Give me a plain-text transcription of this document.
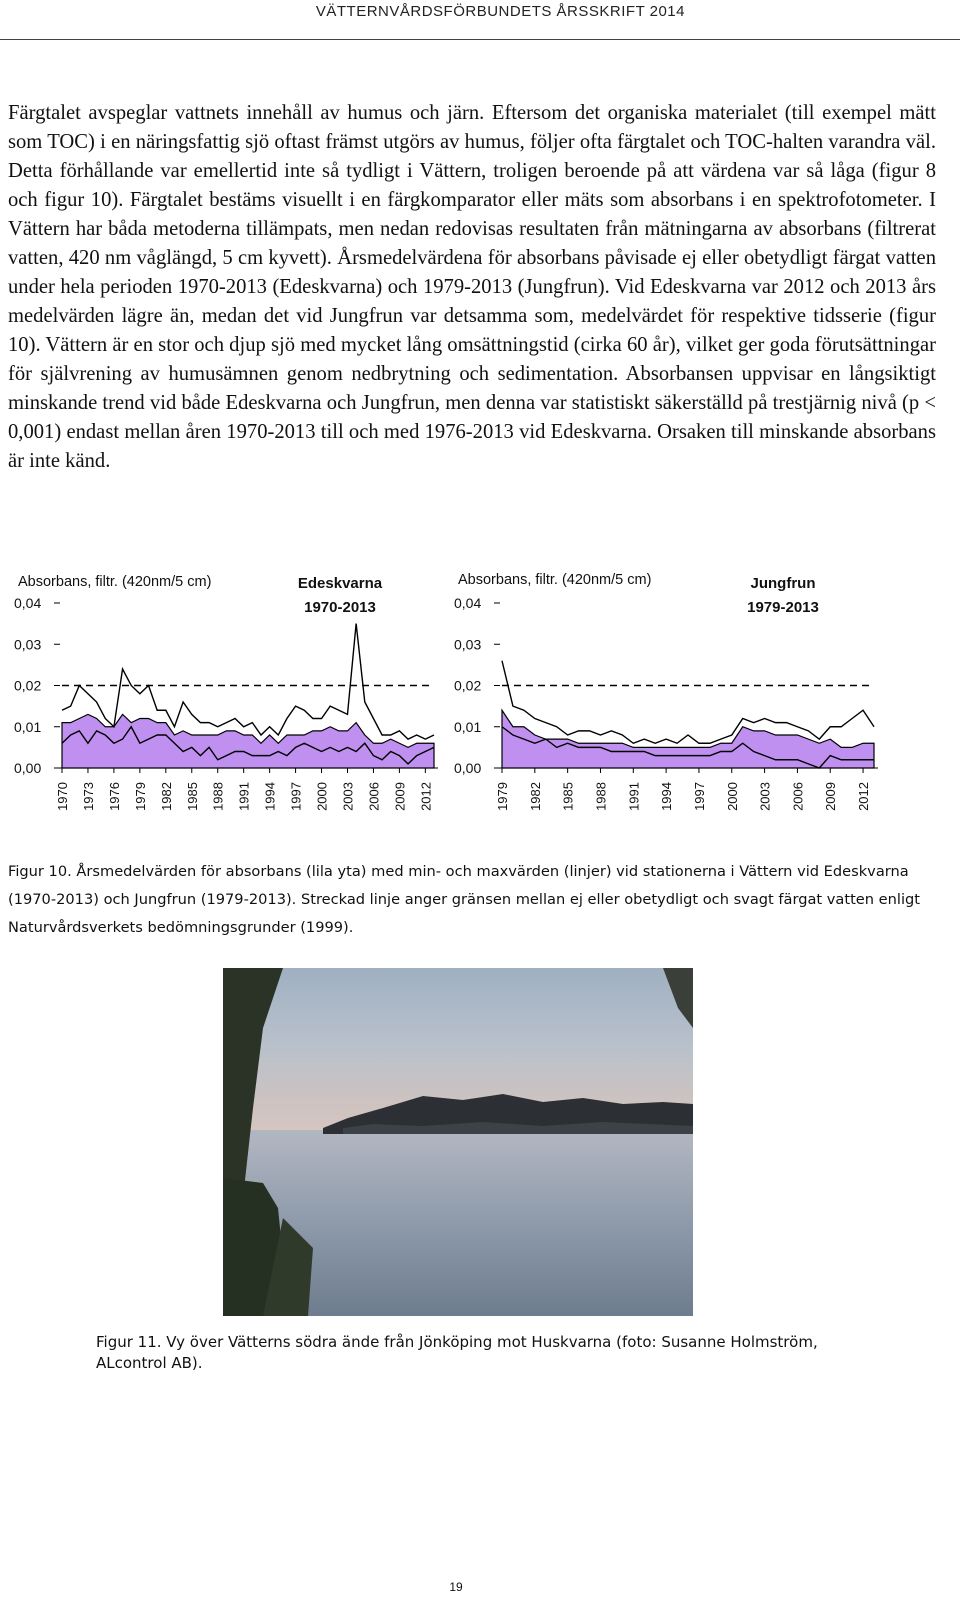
VÄTTERNVÅRDSFÖRBUNDETS ÅRSSKRIFT 2014

Färgtalet avspeglar vattnets innehåll av humus och järn. Eftersom det organiska materialet (till exempel mätt som TOC) i en näringsfattig sjö oftast främst utgörs av humus, följer ofta färgtalet och TOC-halten varandra väl. Detta förhållande var emellertid inte så tydligt i Vättern, troligen beroende på att värdena var så låga (figur 8 och figur 10). Färgtalet bestäms visuellt i en färgkomparator eller mäts som absorbans i en spektrofotometer. I Vättern har båda metoderna tillämpats, men nedan redovisas resultaten från mätningarna av absorbans (filtrerat vatten, 420 nm våglängd, 5 cm kyvett). Årsmedelvärdena för absorbans påvisade ej eller obetydligt färgat vatten under hela perioden 1970-2013 (Edeskvarna) och 1979-2013 (Jungfrun). Vid Edeskvarna var 2012 och 2013 års medelvärden lägre än, medan det vid Jungfrun var detsamma som, medelvärdet för respektive tidsserie (figur 10). Vättern är en stor och djup sjö med mycket lång omsättningstid (cirka 60 år), vilket ger goda förutsättningar för självrening av humusämnen genom nedbrytning och sedimentation. Absorbansen uppvisar en långsiktigt minskande trend vid både Edeskvarna och Jungfrun, men denna var statistiskt säkerställd på trestjärnig nivå (p < 0,001) endast mellan åren 1970-2013 till och med 1976-2013 vid Edeskvarna. Orsaken till minskande absorbans är inte känd.

Absorbans, filtr. (420nm/5 cm)	Edeskvarna
1970-2013
0,04
0,03
0,02
0,01
0,00
1970 1973 1976 1979 1982 1985 1988 1991 1994 1997 2000 2003 2006 2009 2012
Absorbans, filtr. (420nm/5 cm)	Jungfrun
1979-2013
0,04
0,03
0,02
0,01
0,00
1979 1982 1985 1988 1991 1994 1997 2000 2003 2006 2009 2012

Figur 10. Årsmedelvärden för absorbans (lila yta) med min- och maxvärden (linjer) vid stationerna i Vättern vid Edeskvarna (1970-2013) och Jungfrun (1979-2013). Streckad linje anger gränsen mellan ej eller obetydligt och svagt färgat vatten enligt Naturvårdsverkets bedömningsgrunder (1999).

Figur 11. Vy över Vätterns södra ände från Jönköping mot Huskvarna (foto: Susanne Holmström, ALcontrol AB).

19
